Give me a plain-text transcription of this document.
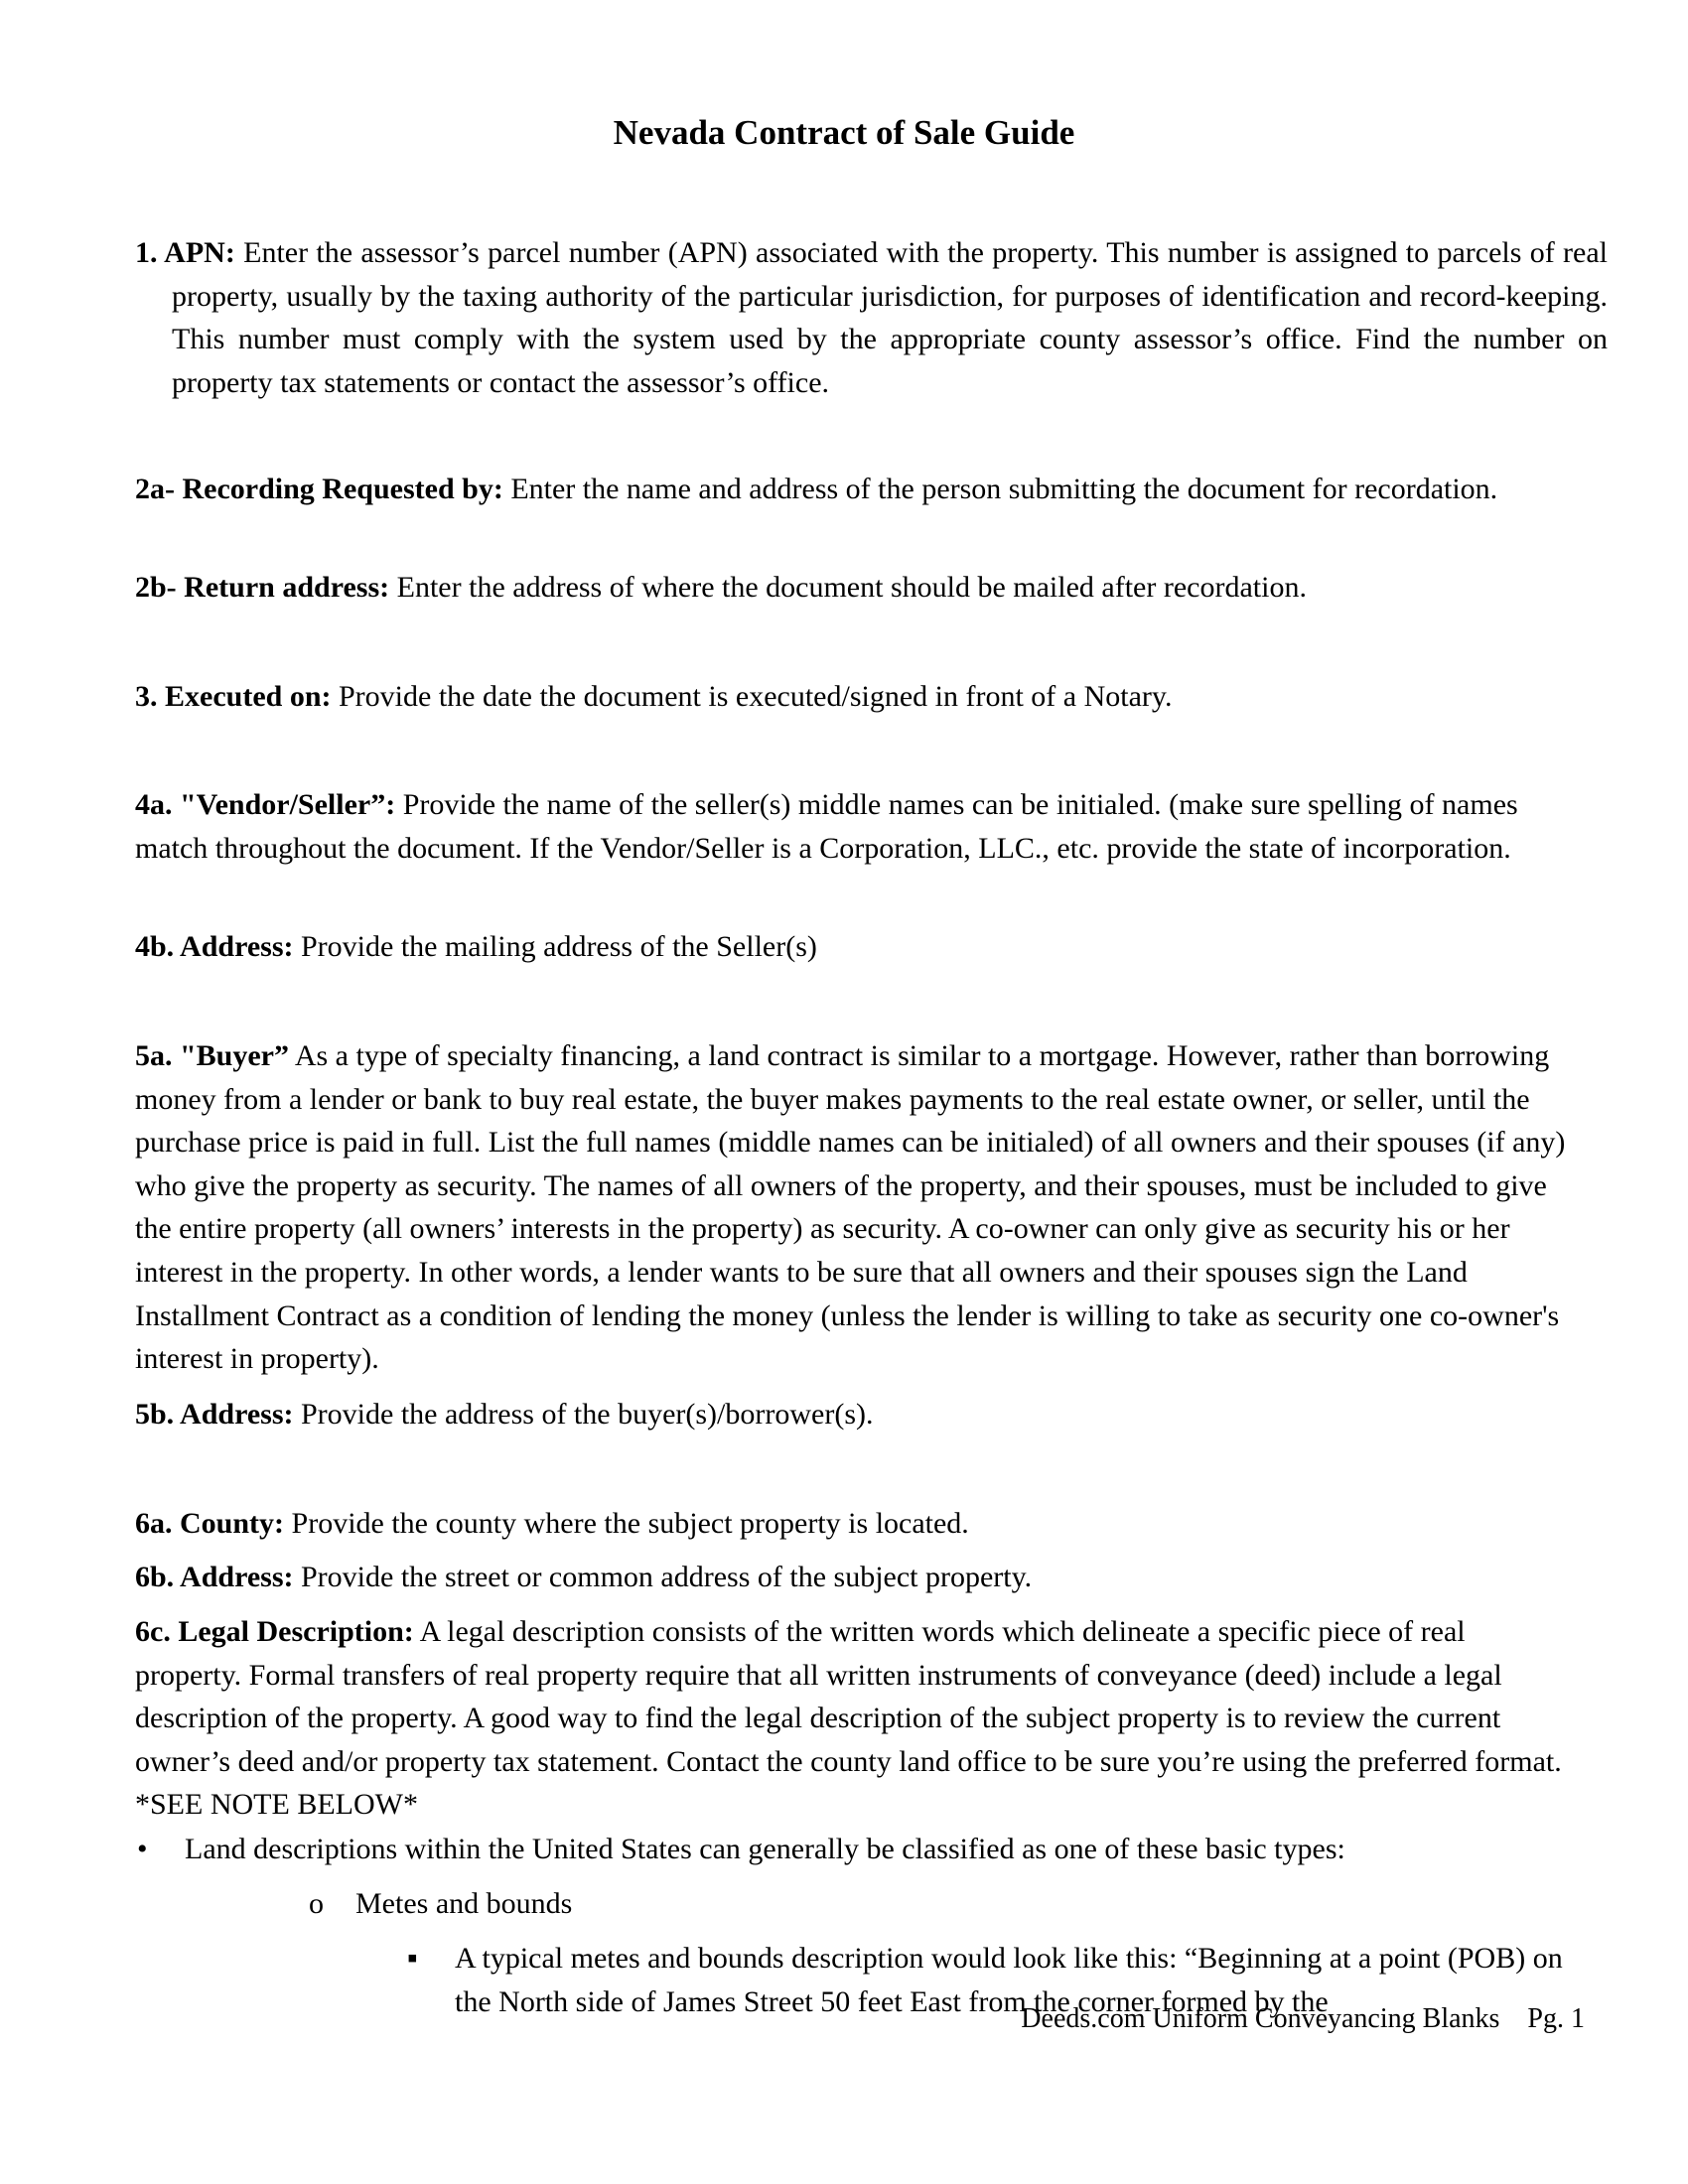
Nevada Contract of Sale Guide
1. APN: Enter the assessor’s parcel number (APN) associated with the property. This number is assigned to parcels of real property, usually by the taxing authority of the particular jurisdiction, for purposes of identification and record-keeping. This number must comply with the system used by the appropriate county assessor’s office. Find the number on property tax statements or contact the assessor’s office.
2a- Recording Requested by: Enter the name and address of the person submitting the document for recordation.
2b- Return address: Enter the address of where the document should be mailed after recordation.
3. Executed on: Provide the date the document is executed/signed in front of a Notary.
4a. "Vendor/Seller”: Provide the name of the seller(s) middle names can be initialed. (make sure spelling of names match throughout the document. If the Vendor/Seller is a Corporation, LLC., etc. provide the state of incorporation.
4b. Address: Provide the mailing address of the Seller(s)
5a. "Buyer” As a type of specialty financing, a land contract is similar to a mortgage. However, rather than borrowing money from a lender or bank to buy real estate, the buyer makes payments to the real estate owner, or seller, until the purchase price is paid in full. List the full names (middle names can be initialed) of all owners and their spouses (if any) who give the property as security. The names of all owners of the property, and their spouses, must be included to give the entire property (all owners’ interests in the property) as security. A co-owner can only give as security his or her interest in the property. In other words, a lender wants to be sure that all owners and their spouses sign the Land Installment Contract as a condition of lending the money (unless the lender is willing to take as security one co-owner's interest in property).
5b. Address: Provide the address of the buyer(s)/borrower(s).
6a. County: Provide the county where the subject property is located.
6b. Address: Provide the street or common address of the subject property.
6c. Legal Description: A legal description consists of the written words which delineate a specific piece of real property. Formal transfers of real property require that all written instruments of conveyance (deed) include a legal description of the property. A good way to find the legal description of the subject property is to review the current owner’s deed and/or property tax statement. Contact the county land office to be sure you’re using the preferred format. *SEE NOTE BELOW*
• Land descriptions within the United States can generally be classified as one of these basic types:
o Metes and bounds
▪ A typical metes and bounds description would look like this: “Beginning at a point (POB) on the North side of James Street 50 feet East from the corner formed by the
Deeds.com Uniform Conveyancing Blanks    Pg. 1
